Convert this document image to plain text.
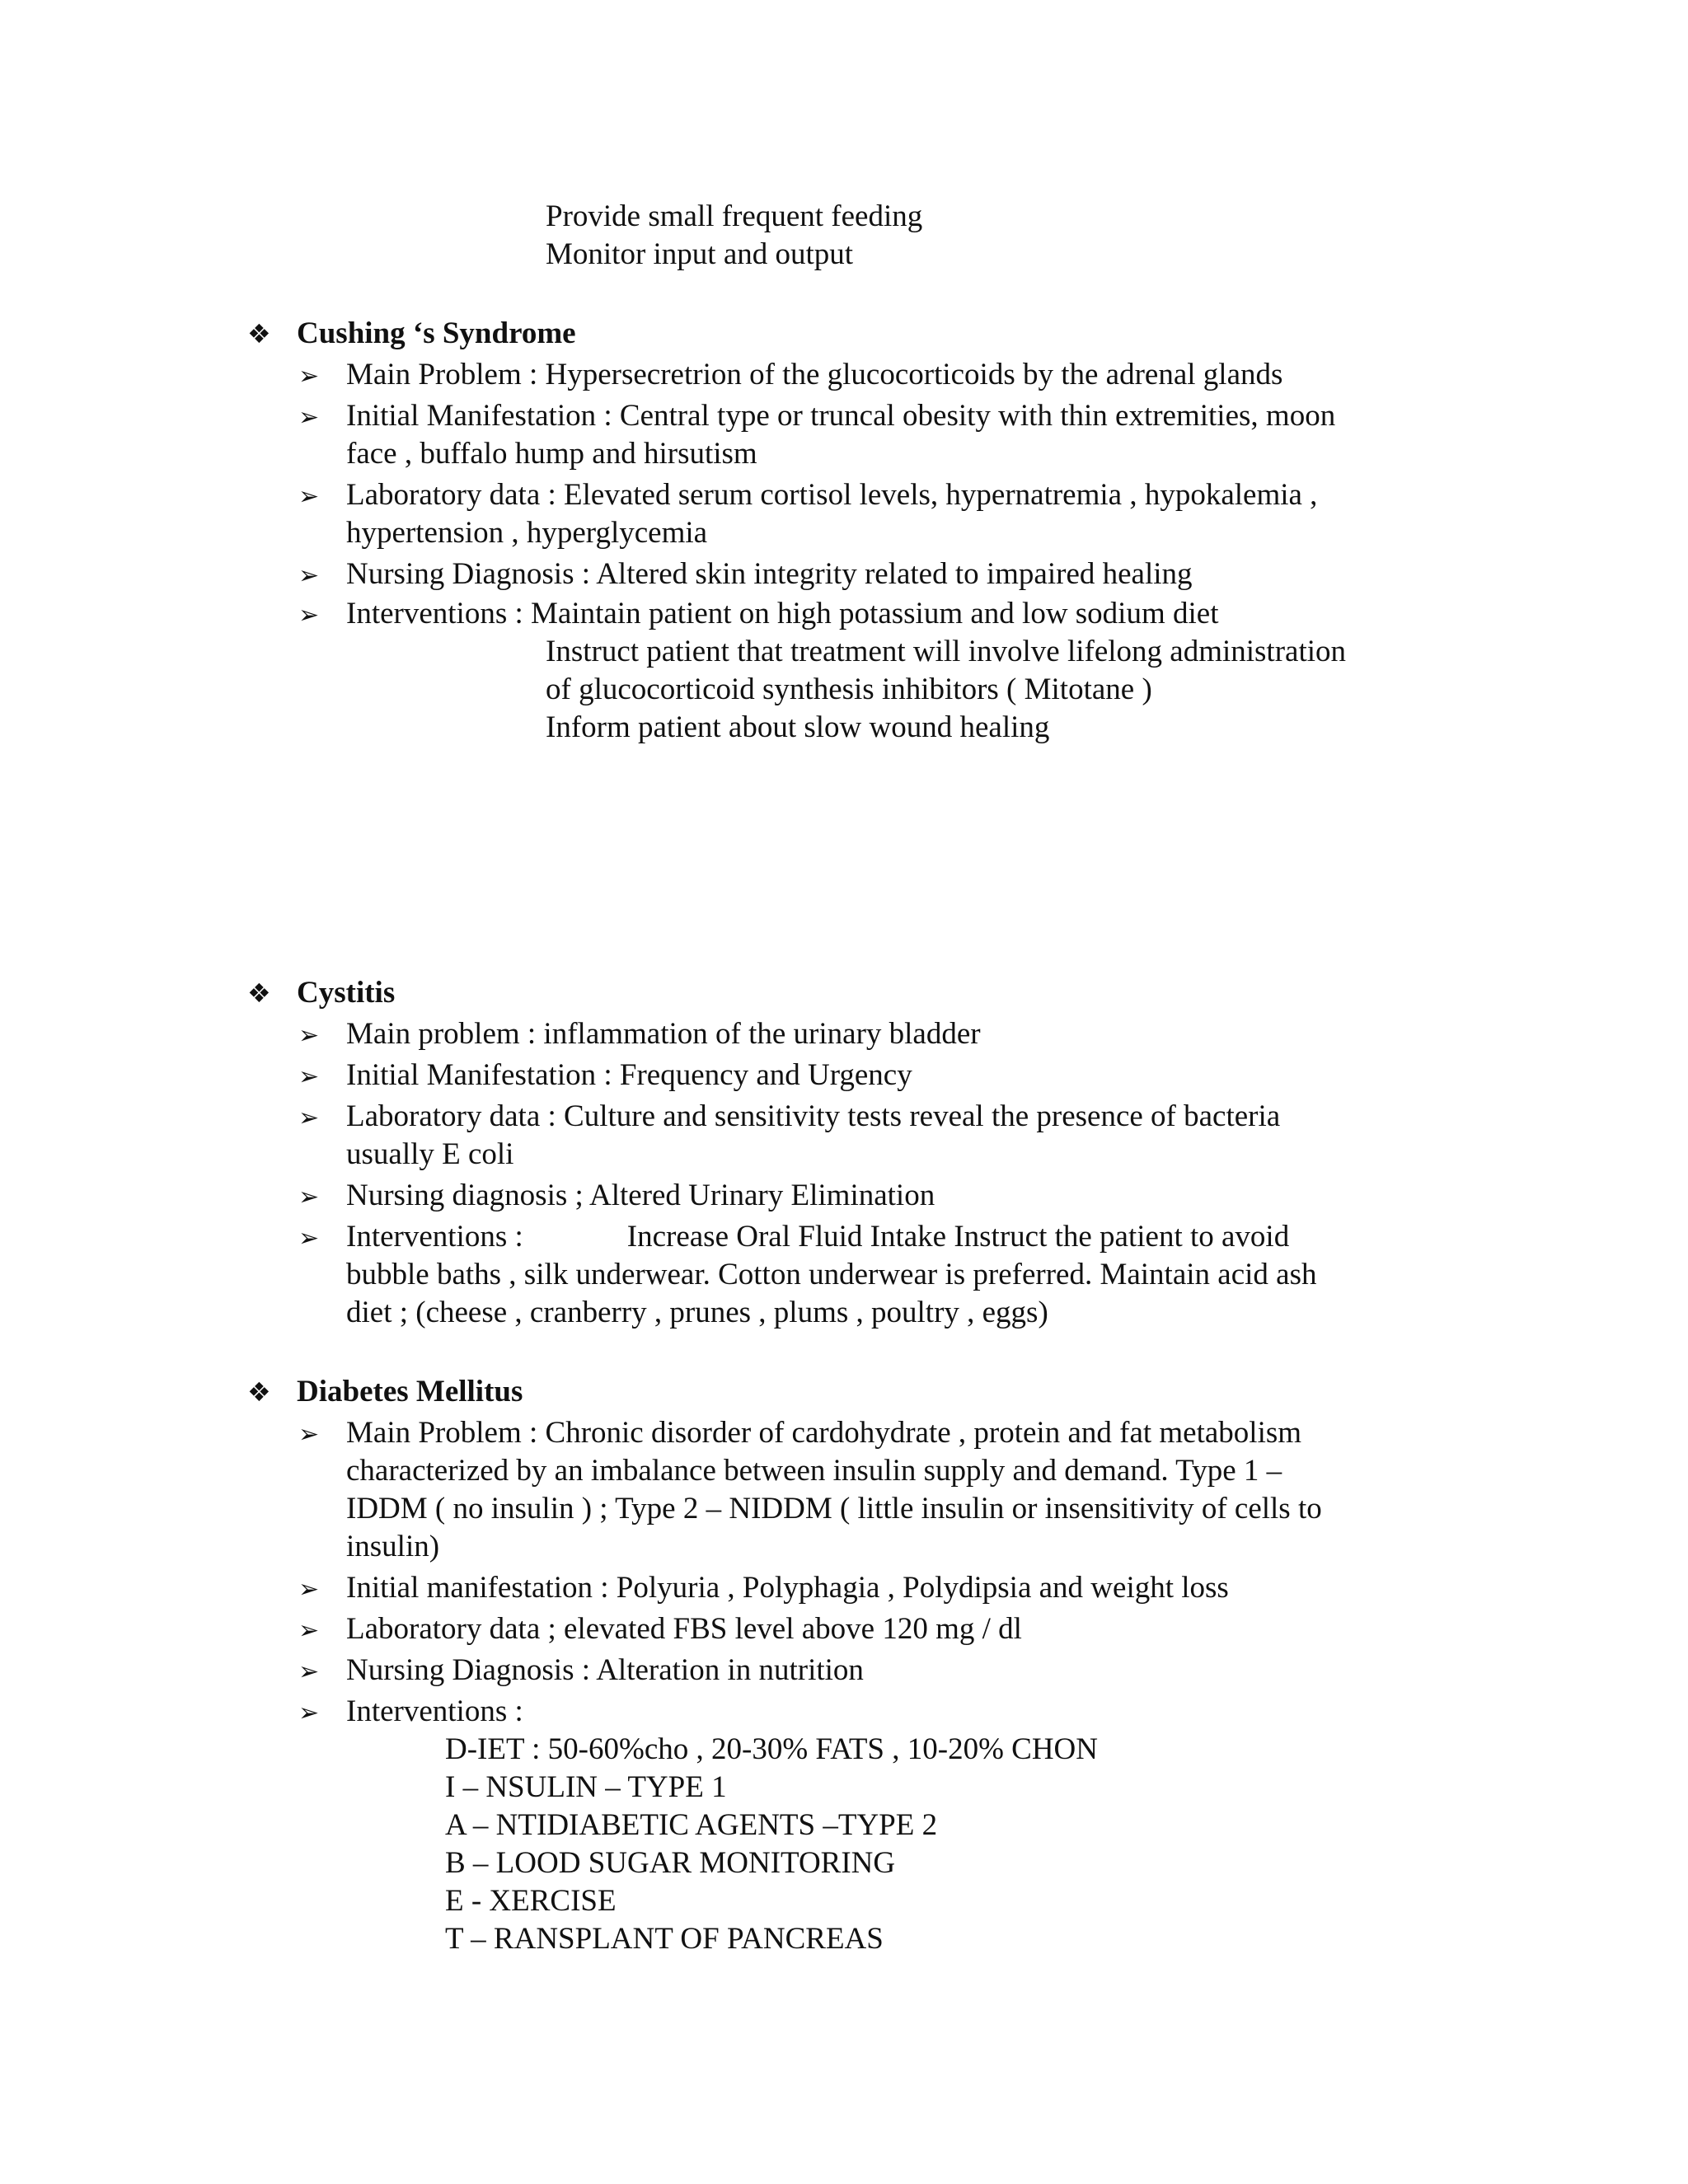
Provide small frequent feeding
Monitor input and output
❖ Cushing ‘s Syndrome
➢ Main Problem : Hypersecretrion of the glucocorticoids by the adrenal glands
➢ Initial Manifestation : Central type or truncal obesity with thin extremities, moon
face , buffalo hump and hirsutism
➢ Laboratory data : Elevated serum cortisol levels, hypernatremia , hypokalemia ,
hypertension , hyperglycemia
➢ Nursing Diagnosis : Altered skin integrity related to impaired healing
➢ Interventions : Maintain patient on high potassium and low sodium diet
Instruct patient that treatment will involve lifelong administration
of glucocorticoid synthesis inhibitors ( Mitotane )
Inform patient about slow wound healing
❖ Cystitis
➢ Main problem : inflammation of the urinary bladder
➢ Initial Manifestation : Frequency and Urgency
➢ Laboratory data : Culture and sensitivity tests reveal the presence of bacteria
usually E coli
➢ Nursing diagnosis ; Altered Urinary Elimination
➢ Interventions :	Increase Oral Fluid Intake Instruct the patient to avoid
bubble baths , silk underwear. Cotton underwear is preferred. Maintain acid ash
diet ; (cheese , cranberry , prunes , plums , poultry , eggs)
❖ Diabetes Mellitus
➢ Main Problem : Chronic disorder of cardohydrate , protein and fat metabolism
characterized by an imbalance between insulin supply and demand. Type 1 –
IDDM ( no insulin ) ; Type 2 – NIDDM ( little insulin or insensitivity of cells to
insulin)
➢ Initial manifestation : Polyuria , Polyphagia , Polydipsia and weight loss
➢ Laboratory data ; elevated FBS level above 120 mg / dl
➢ Nursing Diagnosis : Alteration in nutrition
➢ Interventions :
D-IET : 50-60%cho , 20-30% FATS , 10-20% CHON
I – NSULIN – TYPE 1
A – NTIDIABETIC AGENTS –TYPE 2
B – LOOD SUGAR MONITORING
E - XERCISE
T – RANSPLANT OF PANCREAS
